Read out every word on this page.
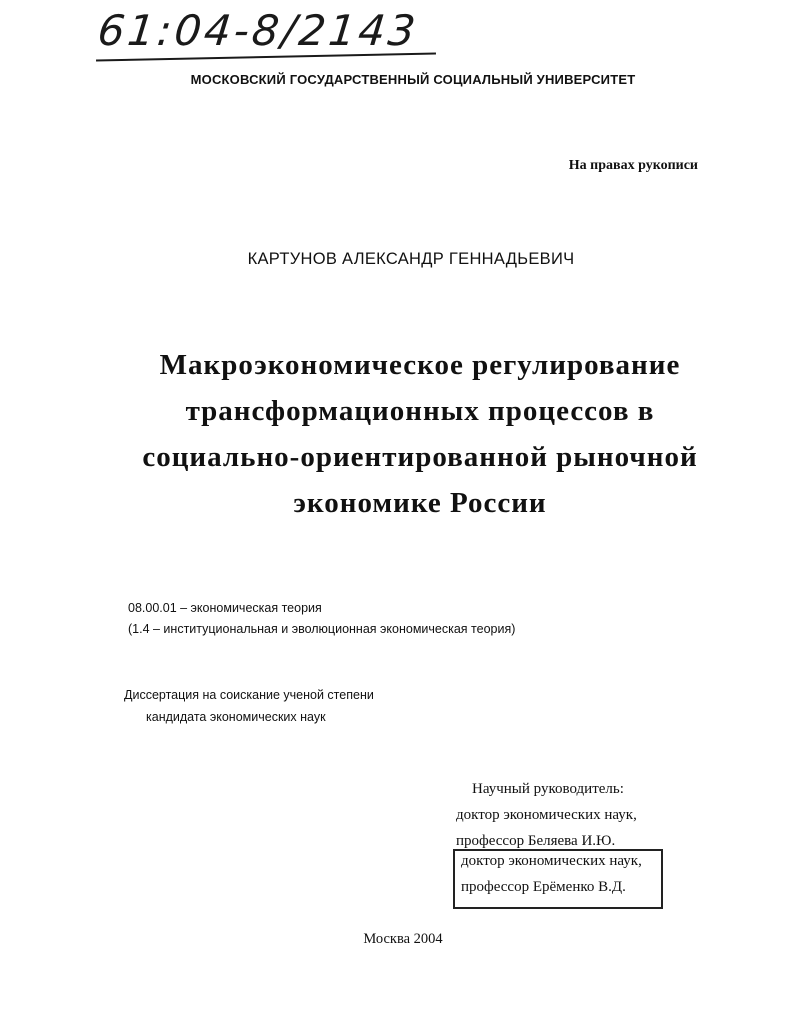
61:04-8/2143
МОСКОВСКИЙ ГОСУДАРСТВЕННЫЙ СОЦИАЛЬНЫЙ УНИВЕРСИТЕТ
На правах рукописи
КАРТУНОВ АЛЕКСАНДР ГЕННАДЬЕВИЧ
Макроэкономическое регулирование
трансформационных процессов в
социально-ориентированной рыночной
экономике России
08.00.01 – экономическая теория
(1.4 – институциональная и эволюционная экономическая теория)
Диссертация на соискание ученой степени
кандидата экономических наук
Научный руководитель:
доктор экономических наук,
профессор Беляева И.Ю.
доктор экономических наук,
профессор Ерёменко В.Д.
Москва 2004
